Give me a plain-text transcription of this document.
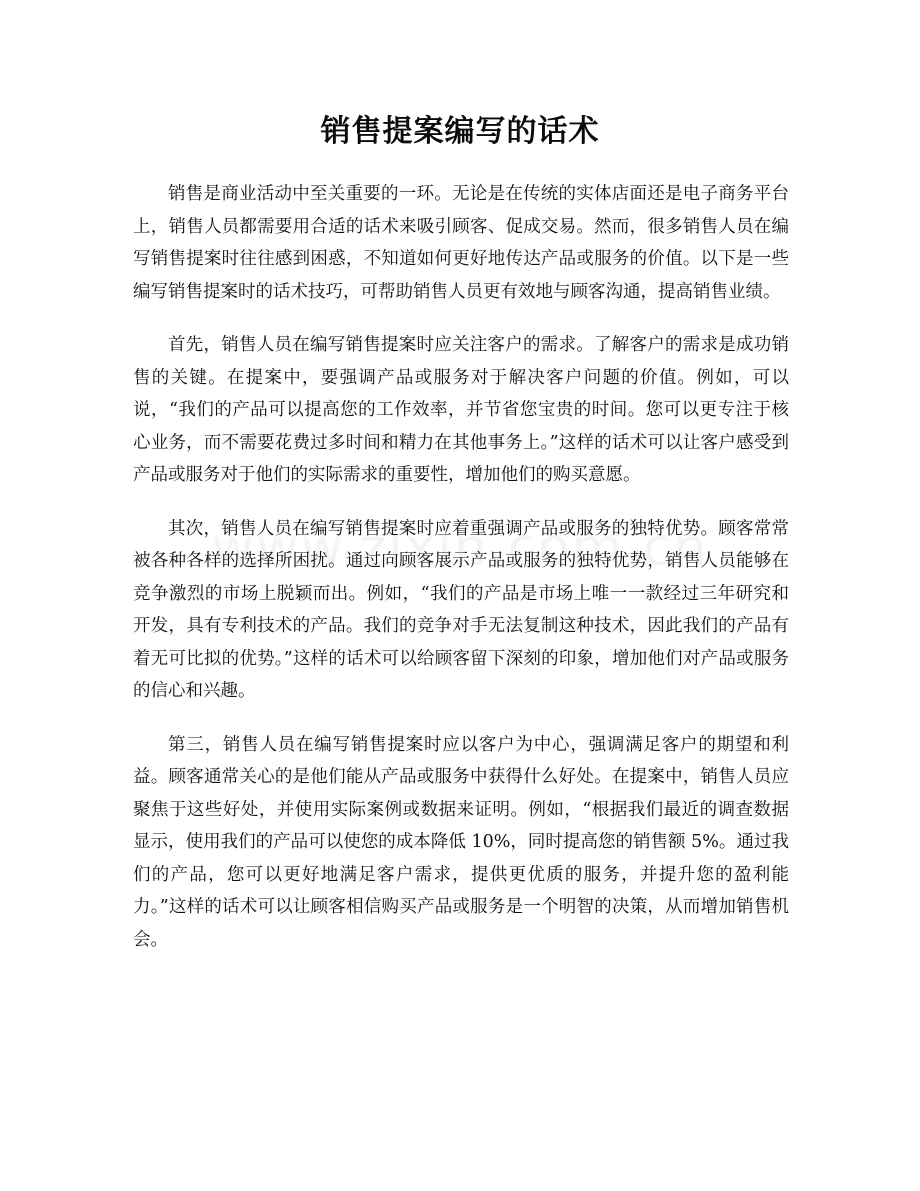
销售提案编写的话术

销售是商业活动中至关重要的一环。无论是在传统的实体店面还是电子商务平台上，销售人员都需要用合适的话术来吸引顾客、促成交易。然而，很多销售人员在编写销售提案时往往感到困惑，不知道如何更好地传达产品或服务的价值。以下是一些编写销售提案时的话术技巧，可帮助销售人员更有效地与顾客沟通，提高销售业绩。

首先，销售人员在编写销售提案时应关注客户的需求。了解客户的需求是成功销售的关键。在提案中，要强调产品或服务对于解决客户问题的价值。例如，可以说，“我们的产品可以提高您的工作效率，并节省您宝贵的时间。您可以更专注于核心业务，而不需要花费过多时间和精力在其他事务上。”这样的话术可以让客户感受到产品或服务对于他们的实际需求的重要性，增加他们的购买意愿。

其次，销售人员在编写销售提案时应着重强调产品或服务的独特优势。顾客常常被各种各样的选择所困扰。通过向顾客展示产品或服务的独特优势，销售人员能够在竞争激烈的市场上脱颖而出。例如，“我们的产品是市场上唯一一款经过三年研究和开发，具有专利技术的产品。我们的竞争对手无法复制这种技术，因此我们的产品有着无可比拟的优势。”这样的话术可以给顾客留下深刻的印象，增加他们对产品或服务的信心和兴趣。

第三，销售人员在编写销售提案时应以客户为中心，强调满足客户的期望和利益。顾客通常关心的是他们能从产品或服务中获得什么好处。在提案中，销售人员应聚焦于这些好处，并使用实际案例或数据来证明。例如，“根据我们最近的调查数据显示，使用我们的产品可以使您的成本降低 10%，同时提高您的销售额 5%。通过我们的产品，您可以更好地满足客户需求，提供更优质的服务，并提升您的盈利能力。”这样的话术可以让顾客相信购买产品或服务是一个明智的决策，从而增加销售机会。
